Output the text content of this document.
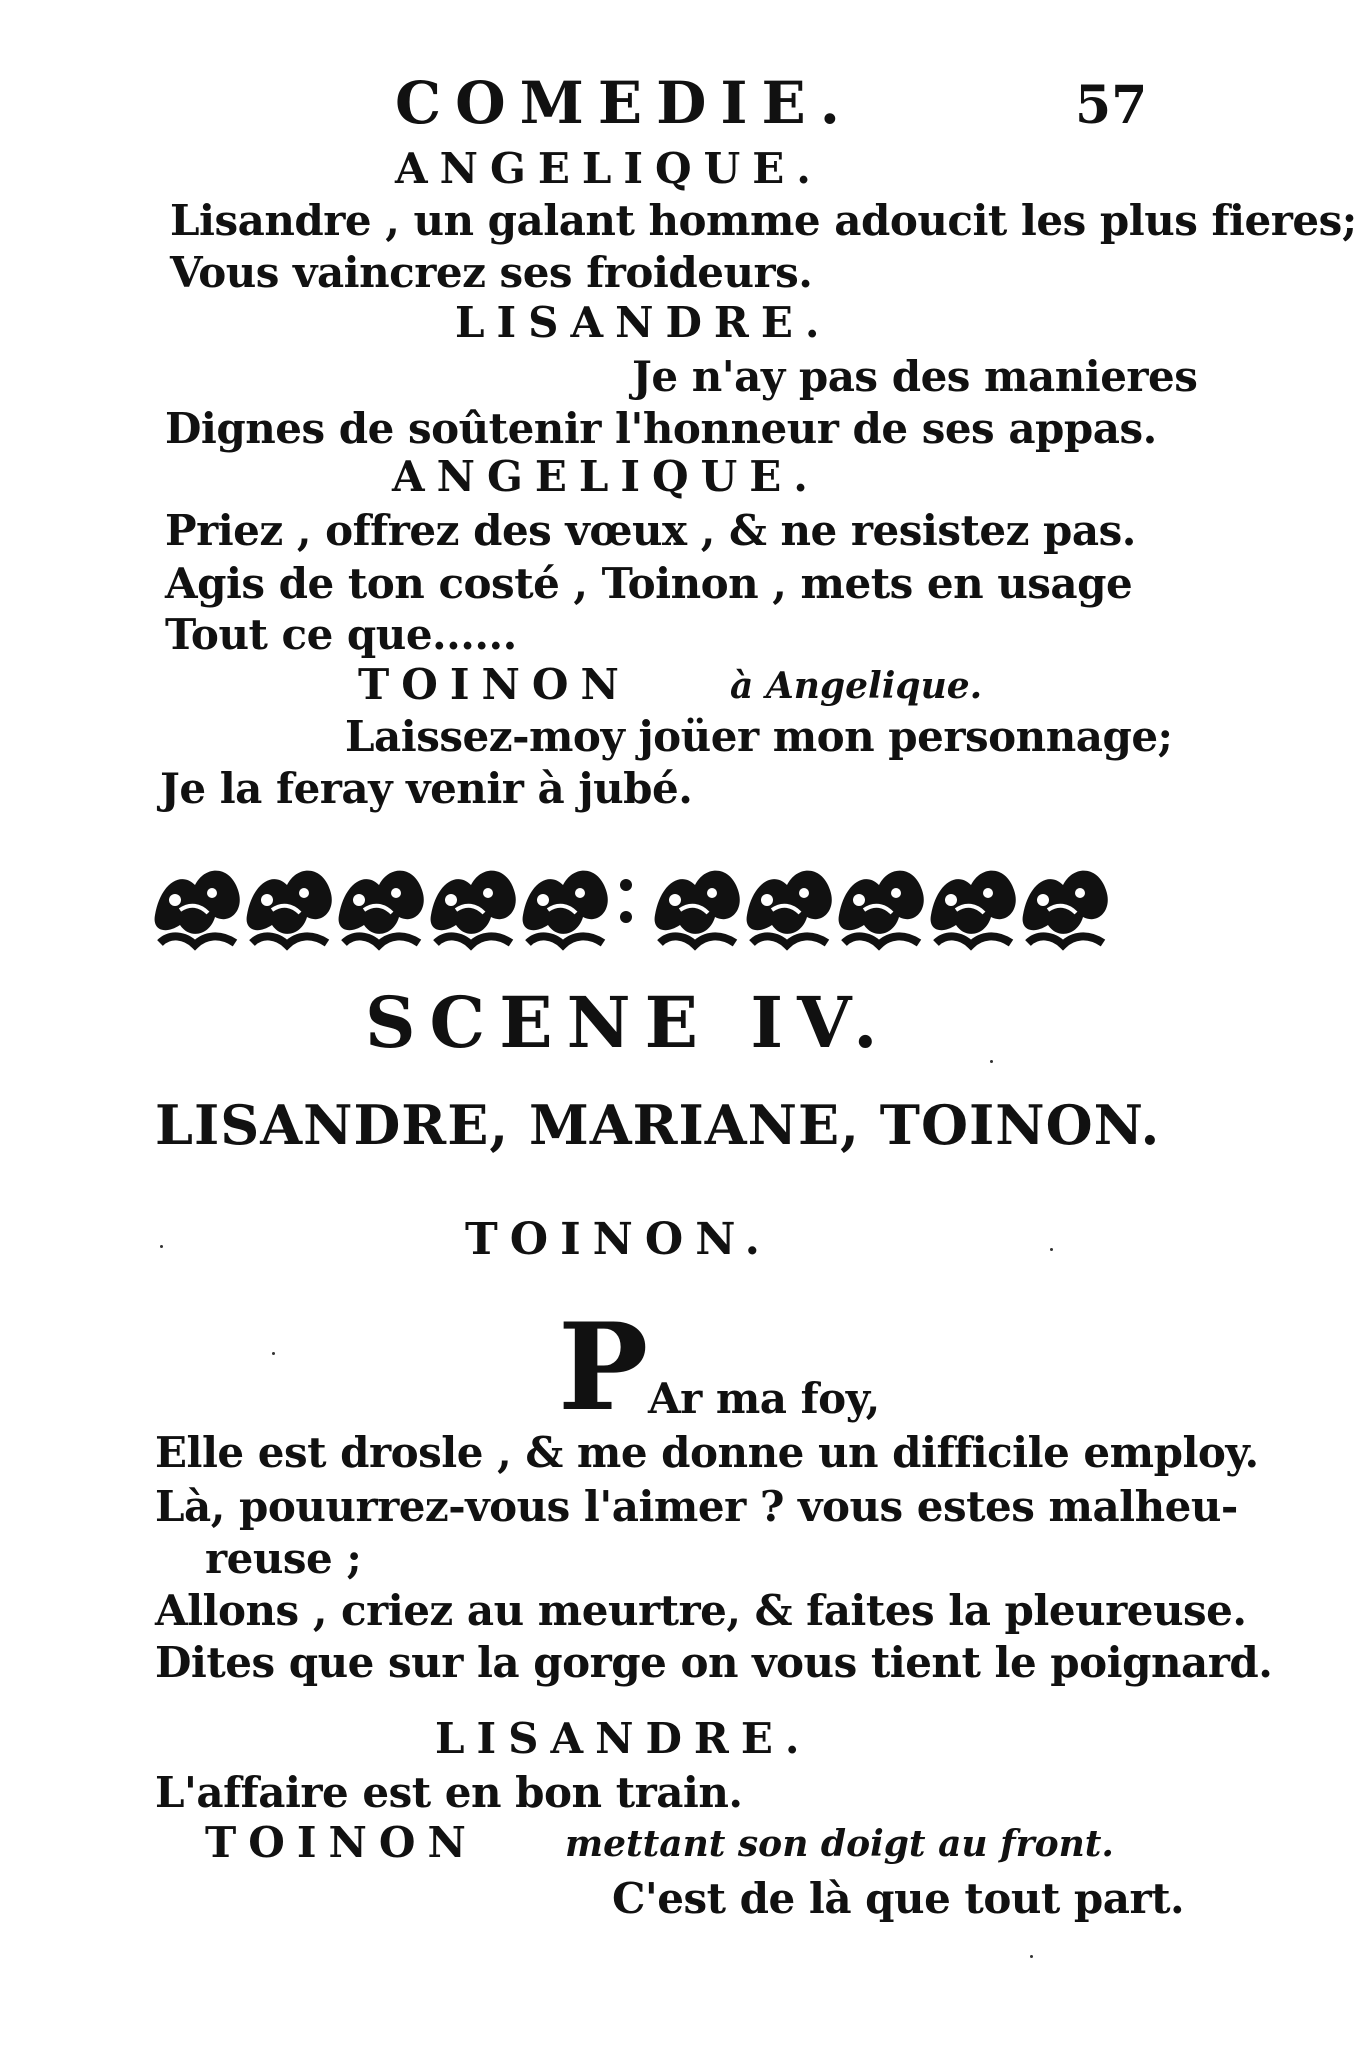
COMEDIE.	57
ANGELIQUE.
Lisandre , un galant homme adoucit les plus fieres;
Vous vaincrez ses froideurs.
LISANDRE.
Je n'ay pas des manieres
Dignes de soûtenir l'honneur de ses appas.
ANGELIQUE.
Priez , offrez des vœux , & ne resistez pas.
Agis de ton costé , Toinon , mets en usage
Tout ce que......
TOINON	à Angelique.
Laissez-moy joüer mon personnage;
Je la feray venir à jubé.
SCENE IV.
LISANDRE, MARIANE, TOINON.
TOINON.
P Ar ma foy,
Elle est drosle , & me donne un difficile employ.
Là, pouurrez-vous l'aimer ? vous estes malheu-
reuse ;
Allons , criez au meurtre, & faites la pleureuse.
Dites que sur la gorge on vous tient le poignard.
LISANDRE.
L'affaire est en bon train.
TOINON mettant son doigt au front.
C'est de là que tout part.
